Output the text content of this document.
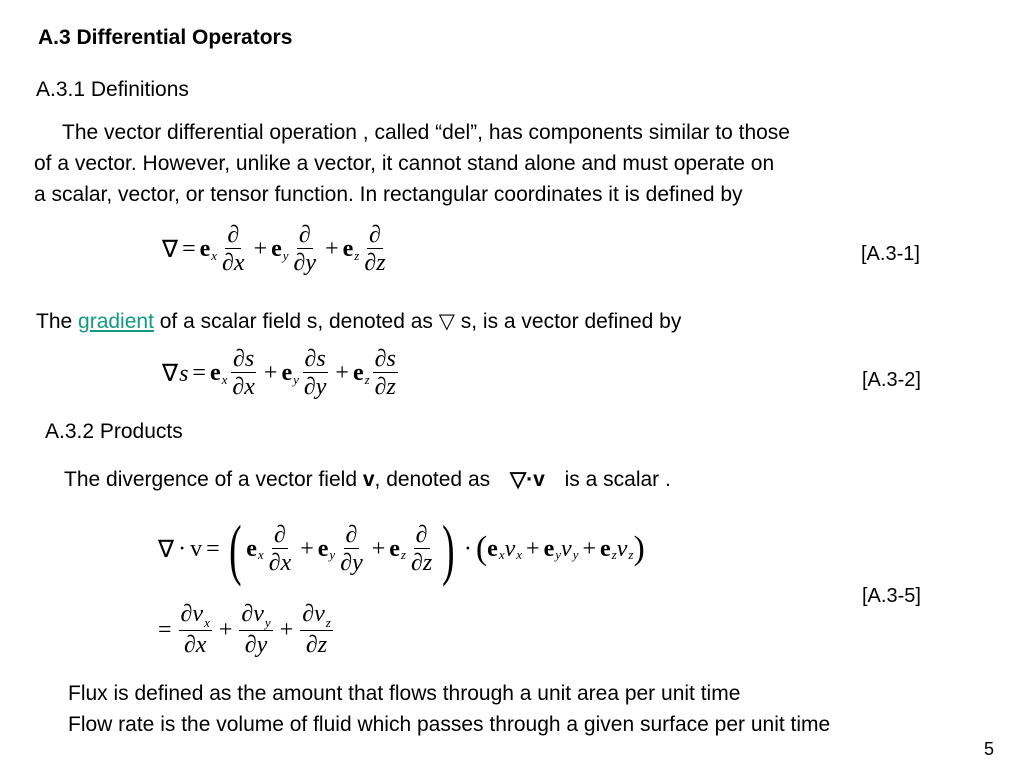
A.3 Differential Operators
A.3.1 Definitions
The vector differential operation , called “del”, has components similar to those
of a vector. However, unlike a vector, it cannot stand alone and must operate on
a scalar, vector, or tensor function. In rectangular coordinates it is defined by
∇ = e x $\frac{\partial}{\partial x} + e$ y $\frac{\partial}{\partial y} + e$ z $\frac{\partial}{\partial z}$	[A.3-1]
The gradient of a scalar field s, denoted as ▽ s, is a vector defined by
∇s = e x $\frac{\partial s}{\partial x} + e$ y $\frac{\partial s}{\partial y} + e$ z $\frac{\partial s}{\partial z}$	[A.3-2]
A.3.2 Products
The divergence of a vector field v, denoted as ▽·v is a scalar .
∇ · v = ( e x $\frac{\partial}{\partial x} + e$ y $\frac{\partial}{\partial y} + e$ z $\frac{\partial}{\partial z}$ ) · ( e x v x + e y v y + e z v z )
[A.3-5]
= $\frac{\partial v_x}{\partial x} + \frac{\partial v_y}{\partial y} + \frac{\partial v_z}{\partial z}$
Flux is defined as the amount that flows through a unit area per unit time
Flow rate is the volume of fluid which passes through a given surface per unit time
5
